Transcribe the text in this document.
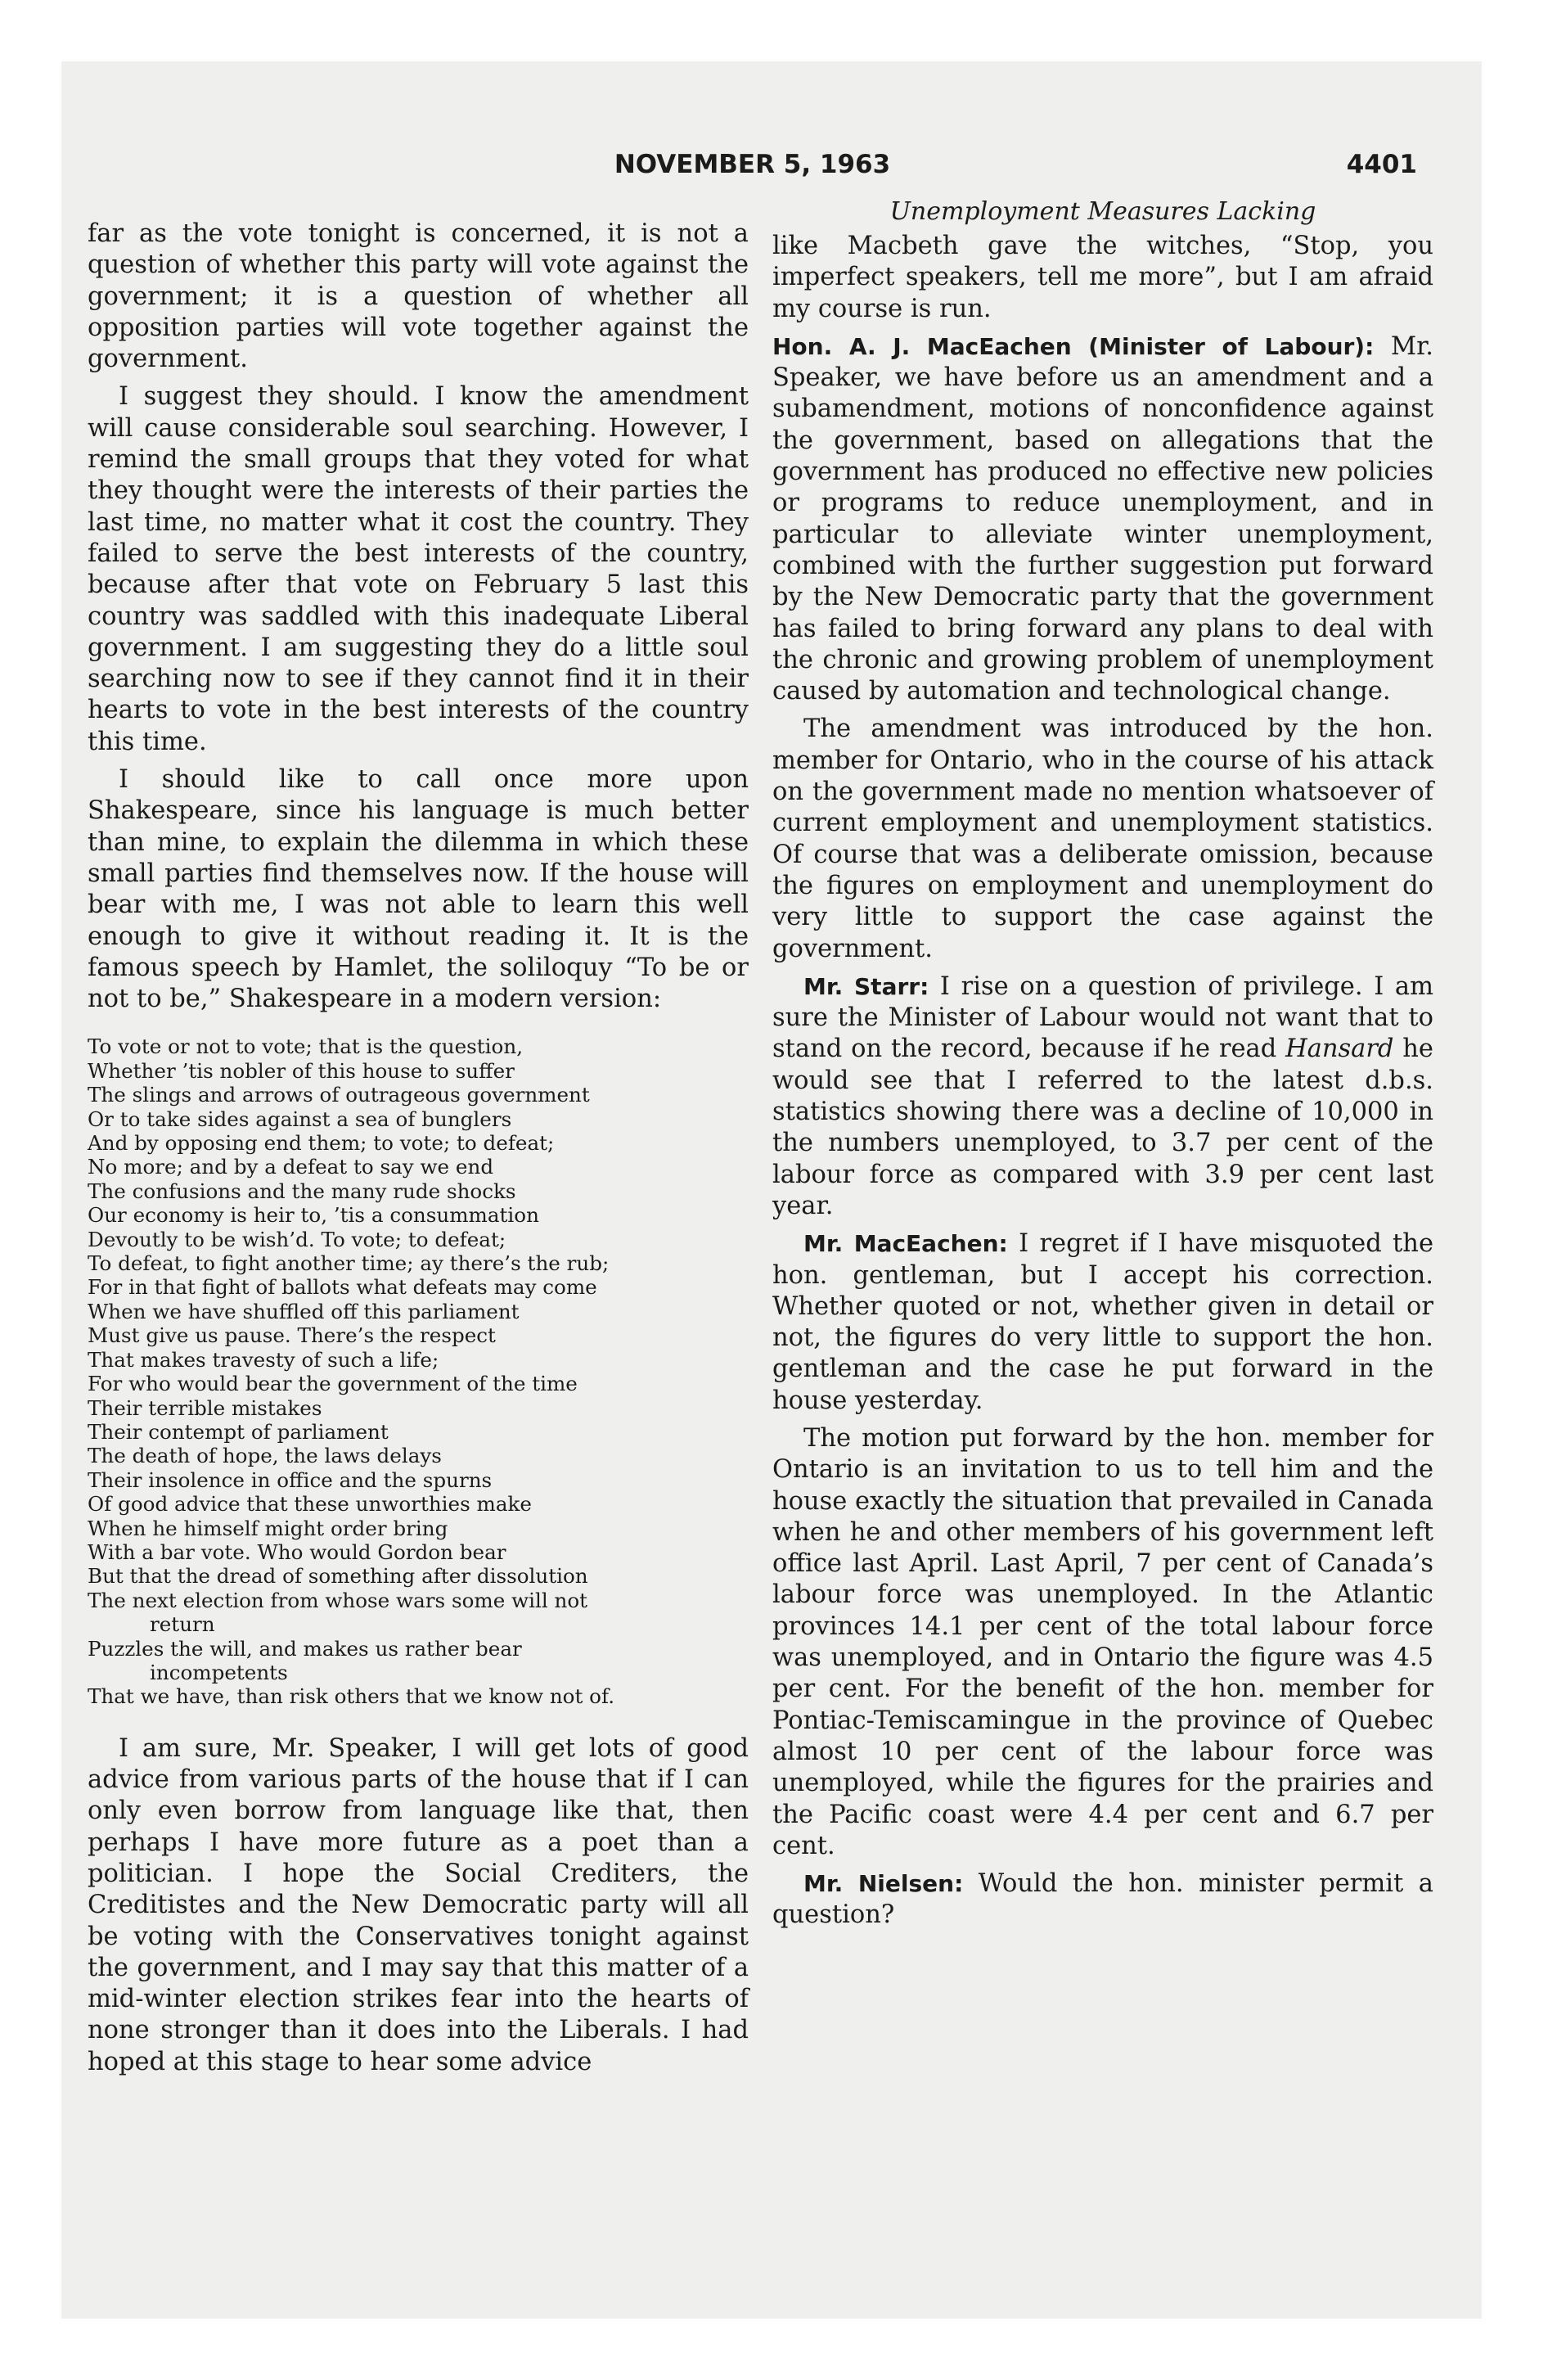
NOVEMBER 5, 1963	4401

far as the vote tonight is concerned, it is not a question of whether this party will vote against the government; it is a question of whether all opposition parties will vote together against the government.

I suggest they should. I know the amendment will cause considerable soul searching. However, I remind the small groups that they voted for what they thought were the interests of their parties the last time, no matter what it cost the country. They failed to serve the best interests of the country, because after that vote on February 5 last this country was saddled with this inadequate Liberal government. I am suggesting they do a little soul searching now to see if they cannot find it in their hearts to vote in the best interests of the country this time.

I should like to call once more upon Shakespeare, since his language is much better than mine, to explain the dilemma in which these small parties find themselves now. If the house will bear with me, I was not able to learn this well enough to give it without reading it. It is the famous speech by Hamlet, the soliloquy “To be or not to be,” Shakespeare in a modern version:

To vote or not to vote; that is the question,
Whether ’tis nobler of this house to suffer
The slings and arrows of outrageous government
Or to take sides against a sea of bunglers
And by opposing end them; to vote; to defeat;
No more; and by a defeat to say we end
The confusions and the many rude shocks
Our economy is heir to, ’tis a consummation
Devoutly to be wish’d. To vote; to defeat;
To defeat, to fight another time; ay there’s the rub;
For in that fight of ballots what defeats may come
When we have shuffled off this parliament
Must give us pause. There’s the respect
That makes travesty of such a life;
For who would bear the government of the time
Their terrible mistakes
Their contempt of parliament
The death of hope, the laws delays
Their insolence in office and the spurns
Of good advice that these unworthies make
When he himself might order bring
With a bar vote. Who would Gordon bear
But that the dread of something after dissolution
The next election from whose wars some will not
return
Puzzles the will, and makes us rather bear
incompetents
That we have, than risk others that we know not of.

I am sure, Mr. Speaker, I will get lots of good advice from various parts of the house that if I can only even borrow from language like that, then perhaps I have more future as a poet than a politician. I hope the Social Crediters, the Creditistes and the New Democratic party will all be voting with the Conservatives tonight against the government, and I may say that this matter of a mid-winter election strikes fear into the hearts of none stronger than it does into the Liberals. I had hoped at this stage to hear some advice

Unemployment Measures Lacking

like Macbeth gave the witches, “Stop, you imperfect speakers, tell me more”, but I am afraid my course is run.

Hon. A. J. MacEachen (Minister of Labour): Mr. Speaker, we have before us an amendment and a subamendment, motions of nonconfidence against the government, based on allegations that the government has produced no effective new policies or programs to reduce unemployment, and in particular to alleviate winter unemployment, combined with the further suggestion put forward by the New Democratic party that the government has failed to bring forward any plans to deal with the chronic and growing problem of unemployment caused by automation and technological change.

The amendment was introduced by the hon. member for Ontario, who in the course of his attack on the government made no mention whatsoever of current employment and unemployment statistics. Of course that was a deliberate omission, because the figures on employment and unemployment do very little to support the case against the government.

Mr. Starr: I rise on a question of privilege. I am sure the Minister of Labour would not want that to stand on the record, because if he read Hansard he would see that I referred to the latest d.b.s. statistics showing there was a decline of 10,000 in the numbers unemployed, to 3.7 per cent of the labour force as compared with 3.9 per cent last year.

Mr. MacEachen: I regret if I have misquoted the hon. gentleman, but I accept his correction. Whether quoted or not, whether given in detail or not, the figures do very little to support the hon. gentleman and the case he put forward in the house yesterday.

The motion put forward by the hon. member for Ontario is an invitation to us to tell him and the house exactly the situation that prevailed in Canada when he and other members of his government left office last April. Last April, 7 per cent of Canada’s labour force was unemployed. In the Atlantic provinces 14.1 per cent of the total labour force was unemployed, and in Ontario the figure was 4.5 per cent. For the benefit of the hon. member for Pontiac-Temiscamingue in the province of Quebec almost 10 per cent of the labour force was unemployed, while the figures for the prairies and the Pacific coast were 4.4 per cent and 6.7 per cent.

Mr. Nielsen: Would the hon. minister permit a question?
